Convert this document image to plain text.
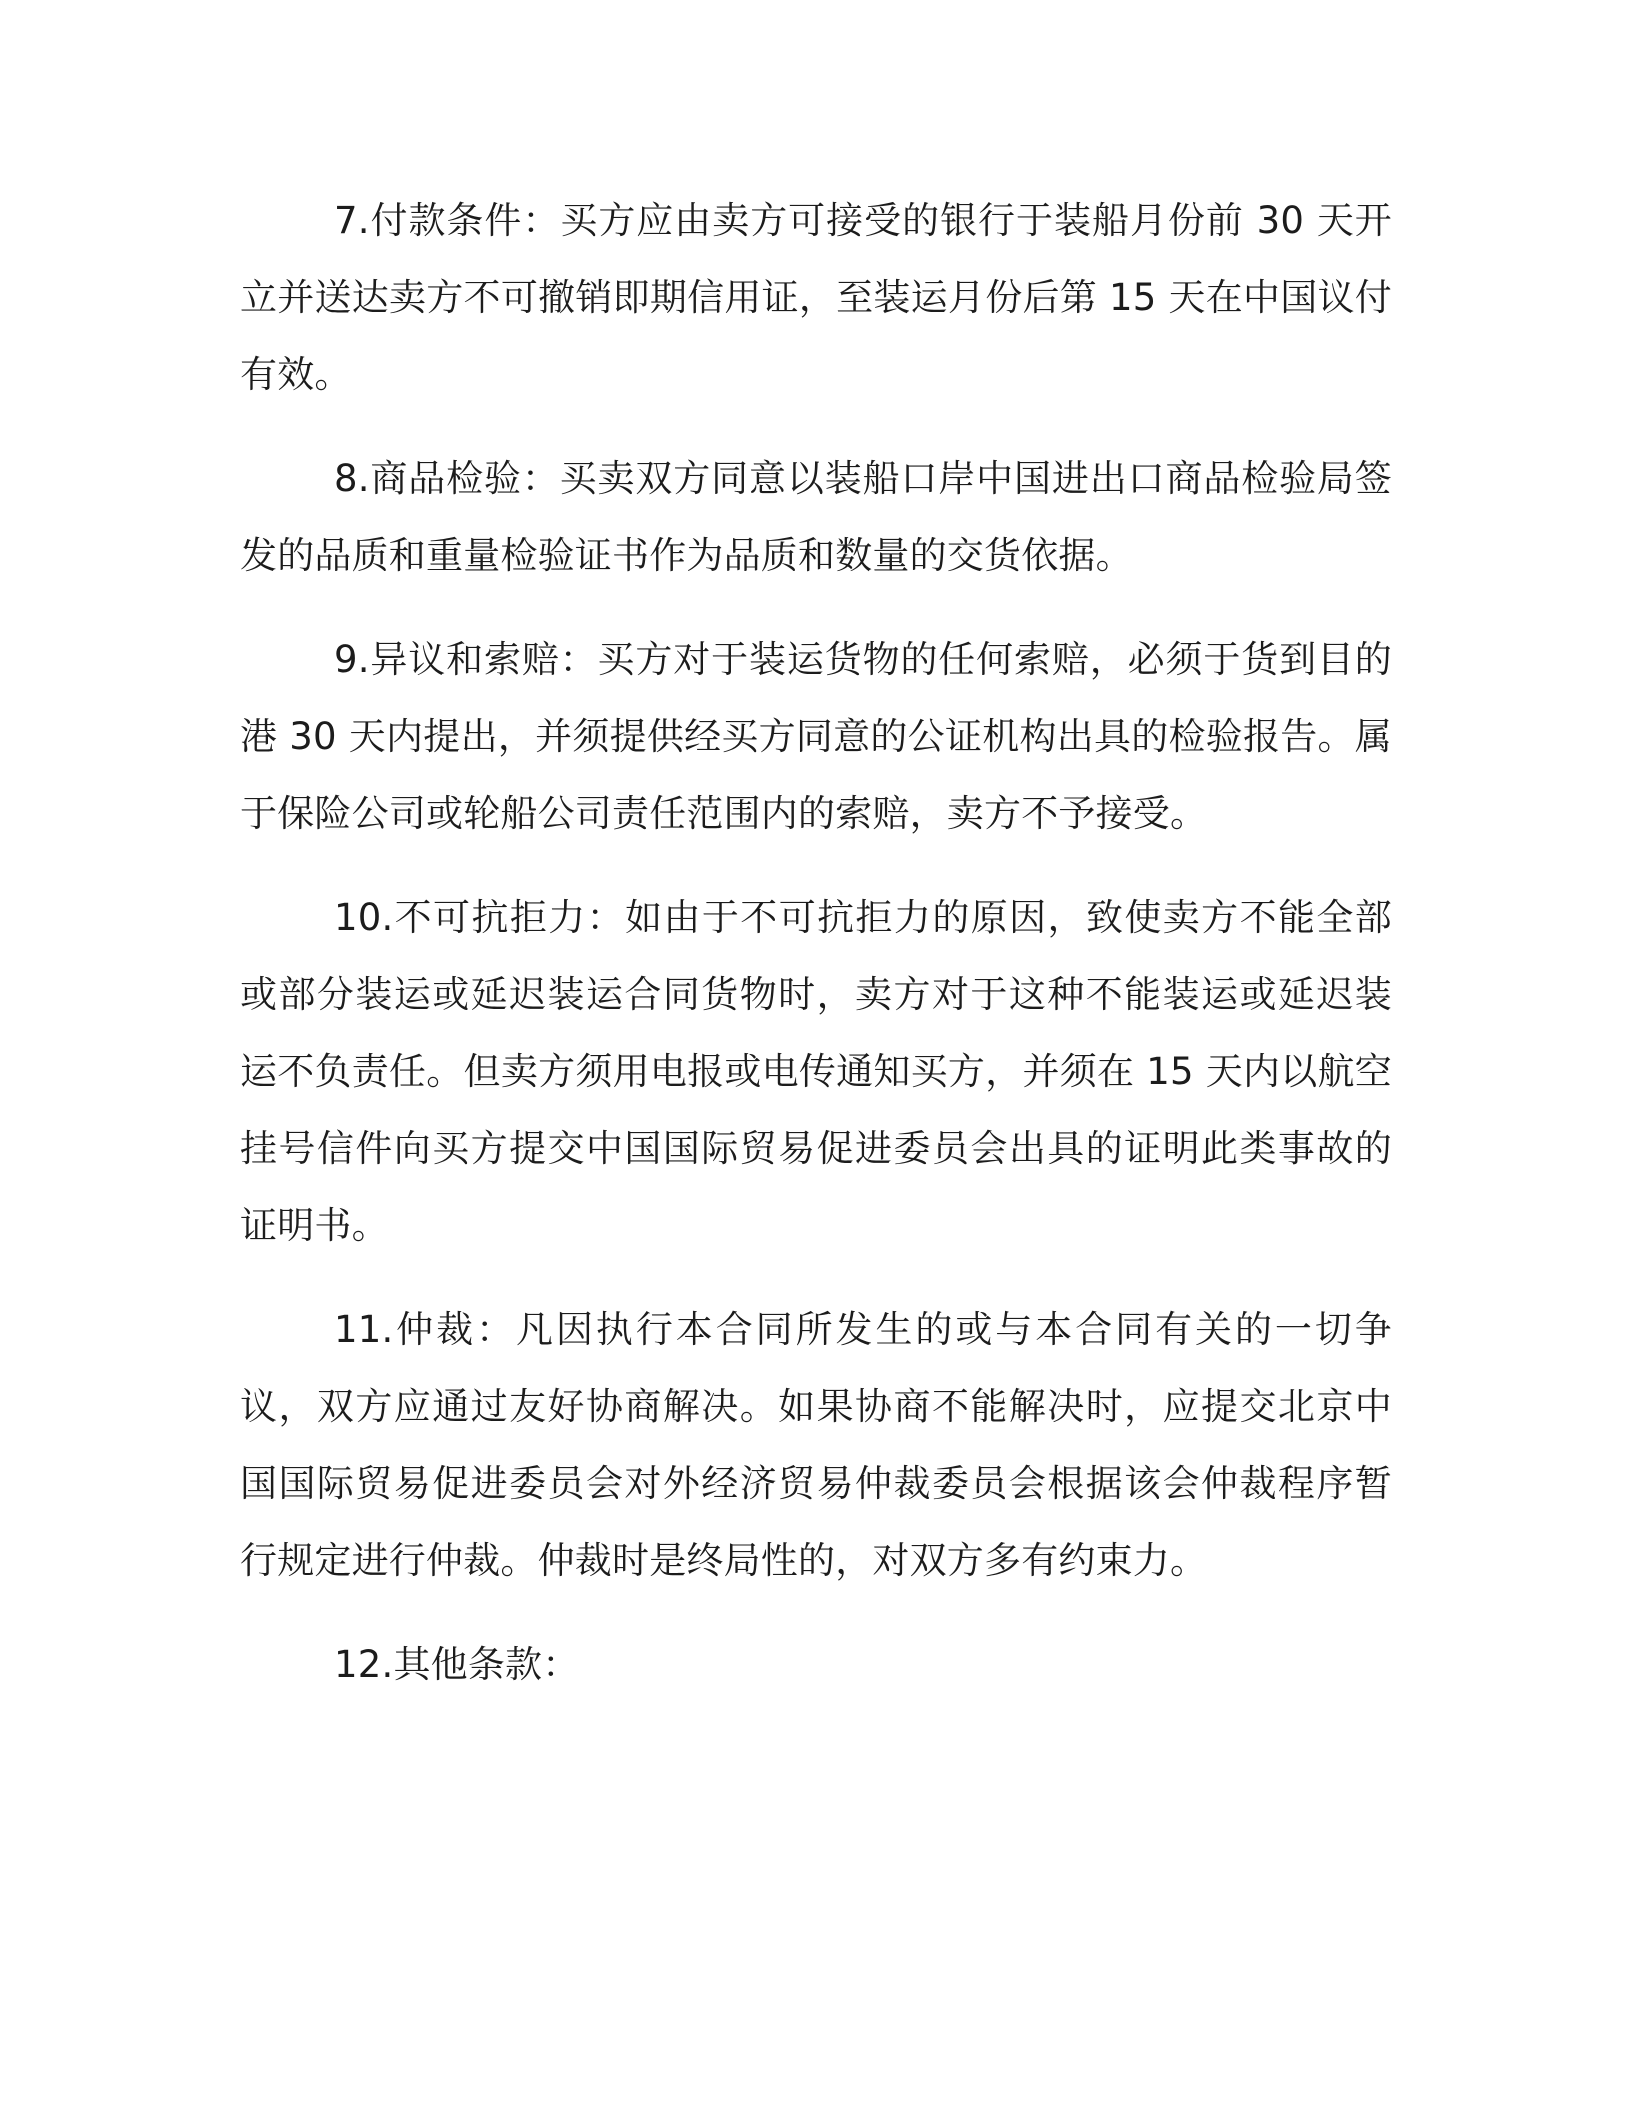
7.付款条件：买方应由卖方可接受的银行于装船月份前 30 天开立并送达卖方不可撤销即期信用证，至装运月份后第 15 天在中国议付有效。

8.商品检验：买卖双方同意以装船口岸中国进出口商品检验局签发的品质和重量检验证书作为品质和数量的交货依据。

9.异议和索赔：买方对于装运货物的任何索赔，必须于货到目的港 30 天内提出，并须提供经买方同意的公证机构出具的检验报告。属于保险公司或轮船公司责任范围内的索赔，卖方不予接受。

10.不可抗拒力：如由于不可抗拒力的原因，致使卖方不能全部或部分装运或延迟装运合同货物时，卖方对于这种不能装运或延迟装运不负责任。但卖方须用电报或电传通知买方，并须在 15 天内以航空挂号信件向买方提交中国国际贸易促进委员会出具的证明此类事故的证明书。

11.仲裁：凡因执行本合同所发生的或与本合同有关的一切争议，双方应通过友好协商解决。如果协商不能解决时，应提交北京中国国际贸易促进委员会对外经济贸易仲裁委员会根据该会仲裁程序暂行规定进行仲裁。仲裁时是终局性的，对双方多有约束力。

12.其他条款：
